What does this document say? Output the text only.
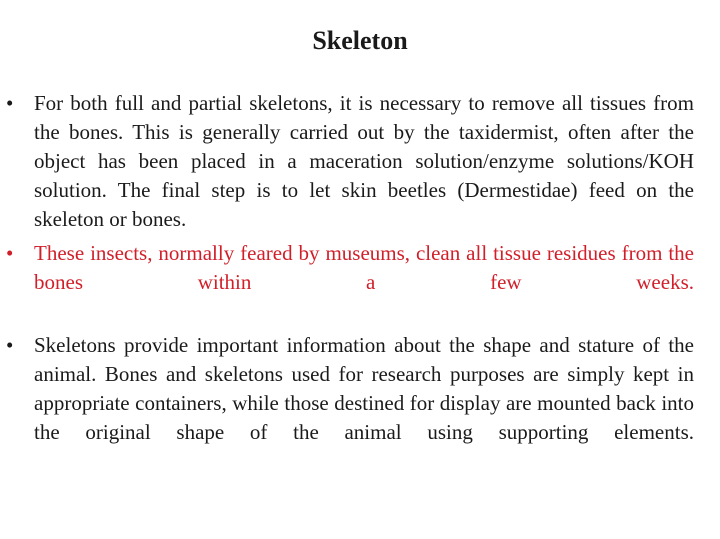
Skeleton
• For both full and partial skeletons, it is necessary to remove all tissues from the bones. This is generally carried out by the taxidermist, often after the object has been placed in a maceration solution/enzyme solutions/KOH solution. The final step is to let skin beetles (Dermestidae) feed on the skeleton or bones.
• These insects, normally feared by museums, clean all tissue residues from the bones within a few weeks.
• Skeletons provide important information about the shape and stature of the animal. Bones and skeletons used for research purposes are simply kept in appropriate containers, while those destined for display are mounted back into the original shape of the animal using supporting elements.
